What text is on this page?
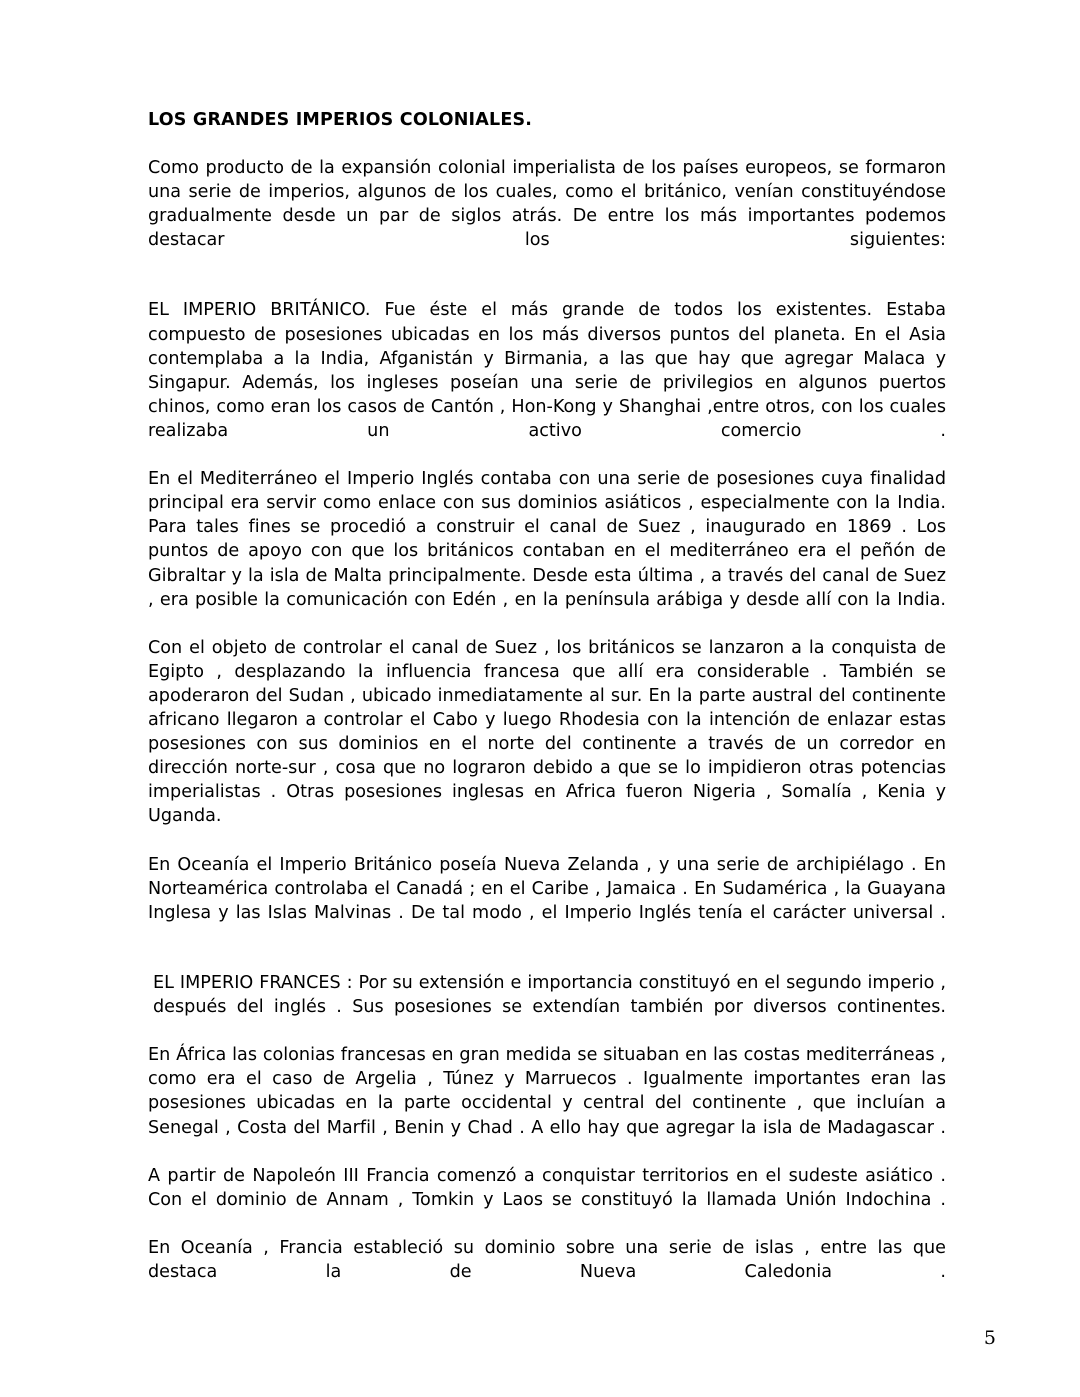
LOS GRANDES IMPERIOS COLONIALES.

Como producto de la expansión colonial imperialista de los países europeos, se formaron una serie de imperios, algunos de los cuales, como el británico, venían constituyéndose gradualmente desde un par de siglos atrás. De entre los más importantes podemos destacar los siguientes:

EL IMPERIO BRITÁNICO. Fue éste el más grande de todos los existentes. Estaba compuesto de posesiones ubicadas en los más diversos puntos del planeta. En el Asia contemplaba a la India, Afganistán y Birmania, a las que hay que agregar Malaca y Singapur. Además, los ingleses poseían una serie de privilegios en algunos puertos chinos, como eran los casos de Cantón , Hon-Kong y Shanghai ,entre otros, con los cuales realizaba un activo comercio .

En el Mediterráneo el Imperio Inglés contaba con una serie de posesiones cuya finalidad principal era servir como enlace con sus dominios asiáticos , especialmente con la India. Para tales fines se procedió a construir el canal de Suez , inaugurado en 1869 . Los puntos de apoyo con que los británicos contaban en el mediterráneo era el peñón de Gibraltar y la isla de Malta principalmente. Desde esta última , a través del canal de Suez , era posible la comunicación con Edén , en la península arábiga y desde allí con la India.

Con el objeto de controlar el canal de Suez , los británicos se lanzaron a la conquista de Egipto , desplazando la influencia francesa que allí era considerable . También se apoderaron del Sudan , ubicado inmediatamente al sur. En la parte austral del continente africano llegaron a controlar el Cabo y luego Rhodesia con la intención de enlazar estas posesiones con sus dominios en el norte del continente a través de un corredor en dirección norte-sur , cosa que no lograron debido a que se lo impidieron otras potencias imperialistas . Otras posesiones inglesas en Africa fueron Nigeria , Somalía , Kenia y Uganda.

En Oceanía el Imperio Británico poseía Nueva Zelanda , y una serie de archipiélago . En Norteamérica controlaba el Canadá ; en el Caribe , Jamaica . En Sudamérica , la Guayana Inglesa y las Islas Malvinas . De tal modo , el Imperio Inglés tenía el carácter universal .

EL IMPERIO FRANCES : Por su extensión e importancia constituyó en el segundo imperio , después del inglés . Sus posesiones se extendían también por diversos continentes.

En África las colonias francesas en gran medida se situaban en las costas mediterráneas , como era el caso de Argelia , Túnez y Marruecos . Igualmente importantes eran las posesiones ubicadas en la parte occidental y central del continente , que incluían a Senegal , Costa del Marfil , Benin y Chad . A ello hay que agregar la isla de Madagascar .

A partir de Napoleón III Francia comenzó a conquistar territorios en el sudeste asiático . Con el dominio de Annam , Tomkin y Laos se constituyó la llamada Unión Indochina .

En Oceanía , Francia estableció su dominio sobre una serie de islas , entre las que destaca la de Nueva Caledonia .

5
